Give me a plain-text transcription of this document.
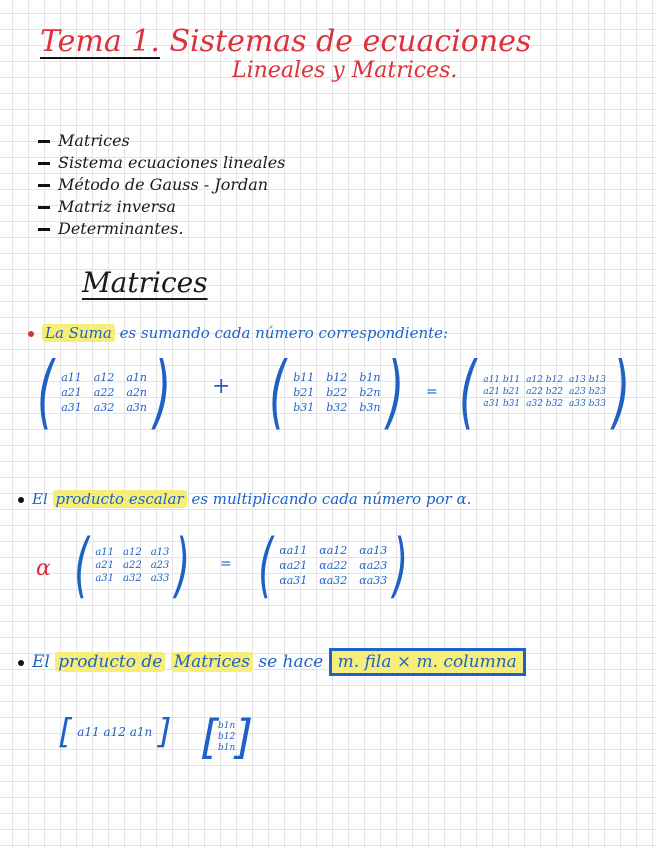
Tema 1. Sistemas de ecuaciones
Lineales y Matrices.
Matrices
Sistema ecuaciones lineales
Método de Gauss - Jordan
Matriz inversa
Determinantes.
Matrices
La Suma es sumando cada número correspondiente:
( a11 a12 a1n
a21 a22 a2n
a31 a32 a3n ) + ( b11 b12 b1n
b21 b22 b2n
b31 b32 b3n ) = ( a11 b11 a12 b12 a13 b13
a21 b21 a22 b22 a23 b23
a31 b31 a32 b32 a33 b33 )
El producto escalar es multiplicando cada número por α.
α ( a11 a12 a13
a21 a22 a23
a31 a32 a33 ) = ( αa11 αa12 αa13
αa21 αa22 αa23
αa31 αa32 αa33 )
El producto de Matrices se hace m. fila × m. columna
[ a11 a12 a1n ] [ b1n
b12
b1n ]
